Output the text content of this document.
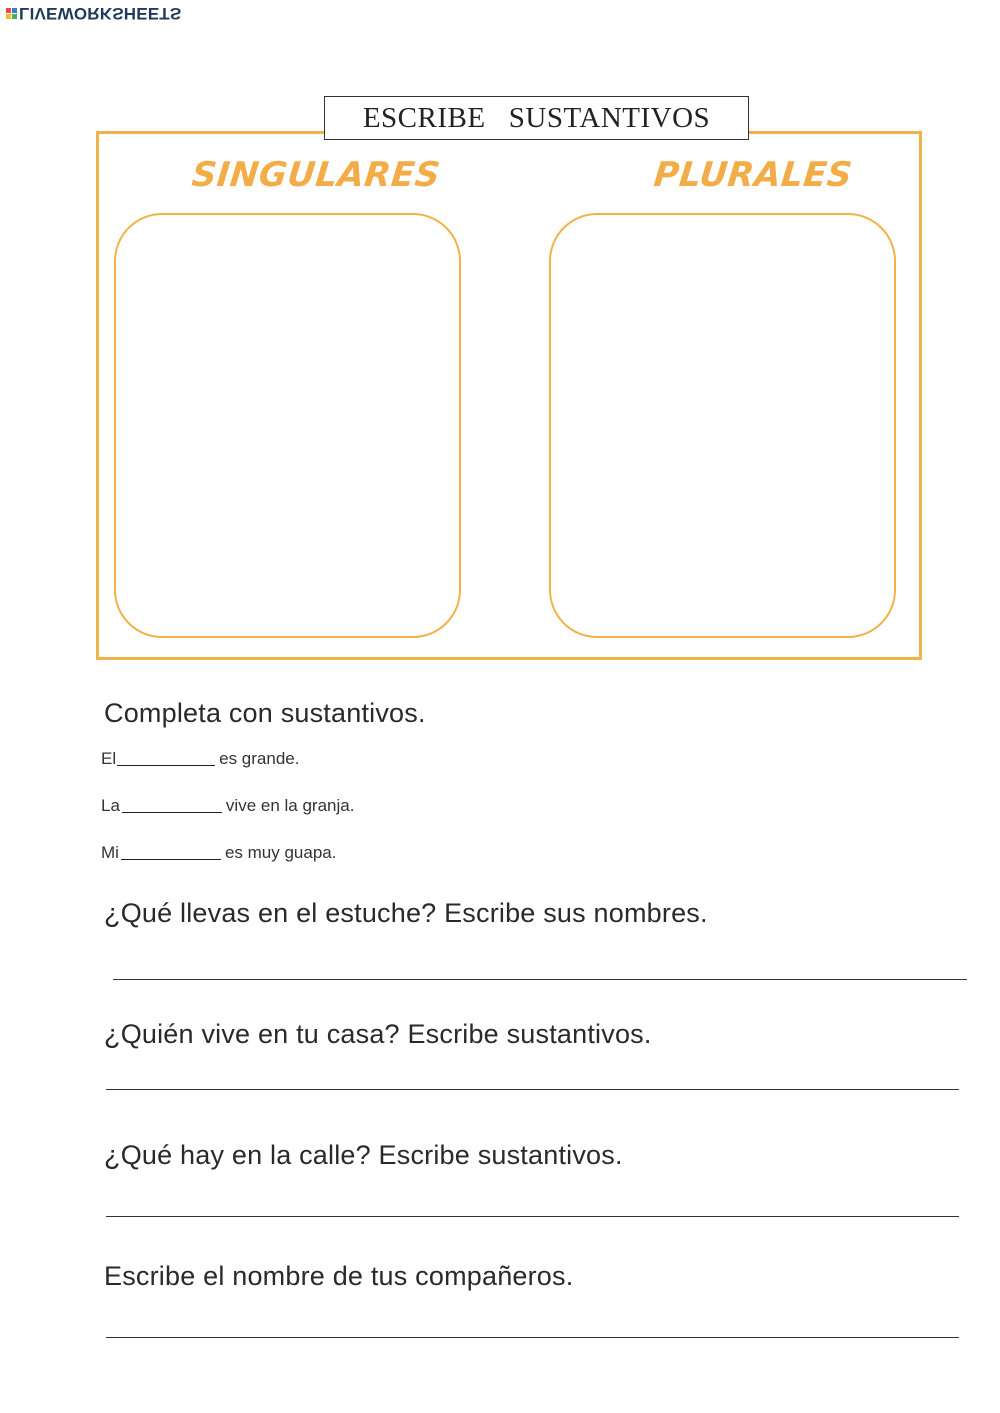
LIVEWORKSHEETS
ESCRIBE   SUSTANTIVOS
SINGULARES	PLURALES
Completa con sustantivos.
El	es grande.
La	vive en la granja.
Mi	es muy guapa.
¿Qué llevas en el estuche? Escribe sus nombres.
¿Quién vive en tu casa? Escribe sustantivos.
¿Qué hay en la calle? Escribe sustantivos.
Escribe el nombre de tus compañeros.
